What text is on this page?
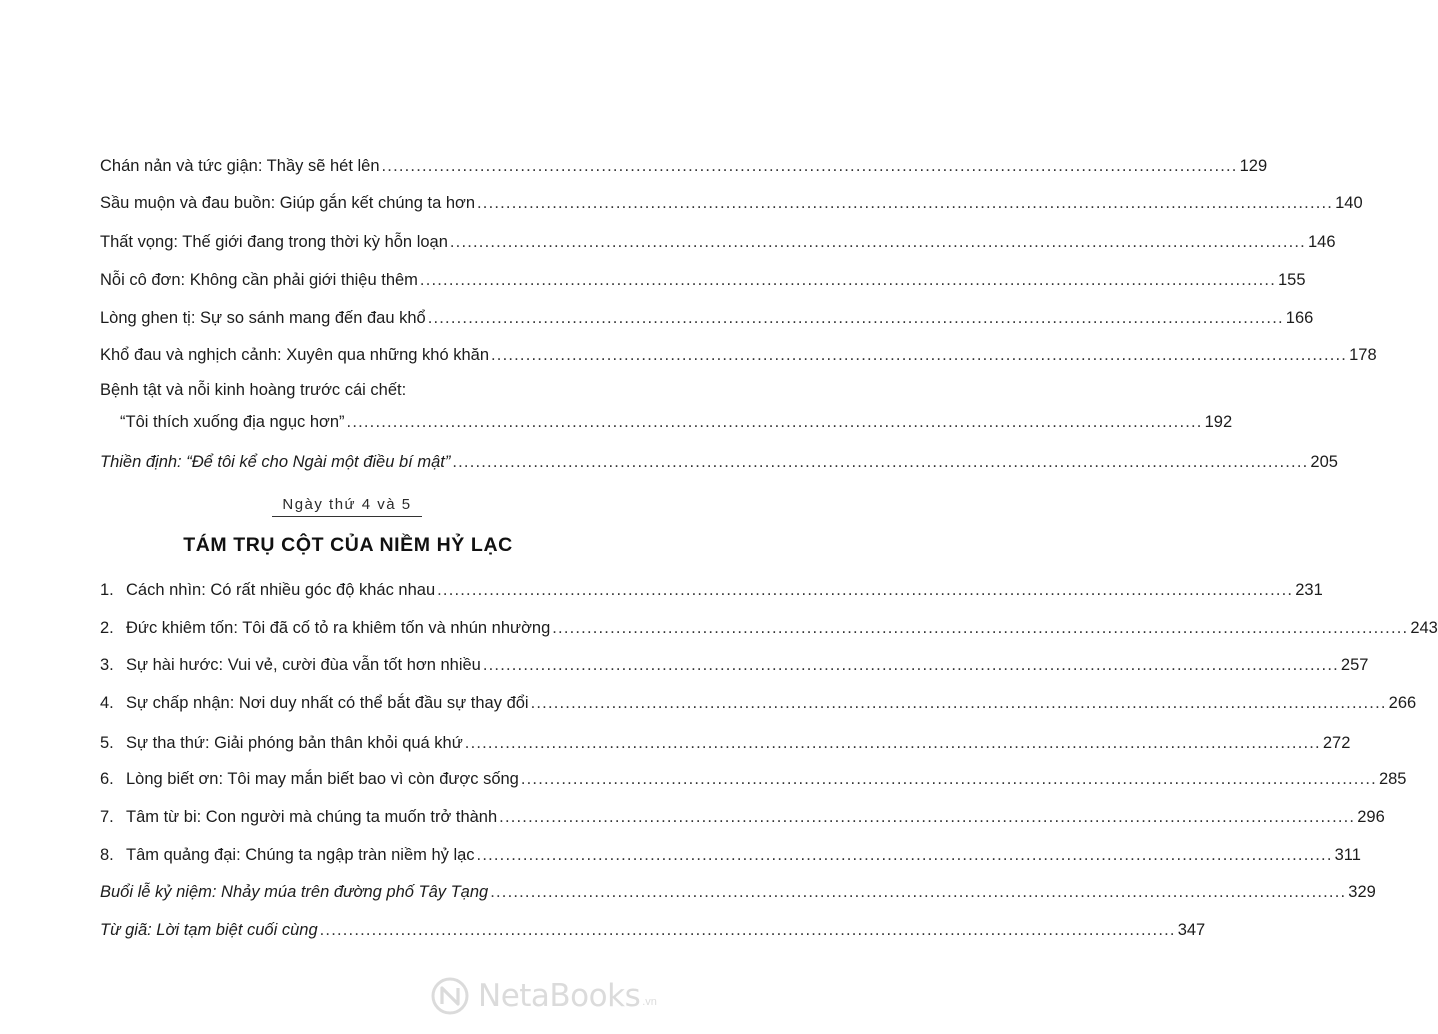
Chán nản và tức giận: Thầy sẽ hét lên .....	129
Sầu muộn và đau buồn: Giúp gắn kết chúng ta hơn .....	140
Thất vọng: Thế giới đang trong thời kỳ hỗn loạn .....	146
Nỗi cô đơn: Không cần phải giới thiệu thêm .....	155
Lòng ghen tị: Sự so sánh mang đến đau khổ .....	166
Khổ đau và nghịch cảnh: Xuyên qua những khó khăn .....	178
Bệnh tật và nỗi kinh hoàng trước cái chết:
“Tôi thích xuống địa ngục hơn” .....	192
Thiền định: “Để tôi kể cho Ngài một điều bí mật” .....	205
Ngày thứ 4 và 5
TÁM TRỤ CỘT CỦA NIỀM HỶ LẠC
1. Cách nhìn: Có rất nhiều góc độ khác nhau .....	231
2. Đức khiêm tốn: Tôi đã cố tỏ ra khiêm tốn và nhún nhường .....	243
3. Sự hài hước: Vui vẻ, cười đùa vẫn tốt hơn nhiều .....	257
4. Sự chấp nhận: Nơi duy nhất có thể bắt đầu sự thay đổi .....	266
5. Sự tha thứ: Giải phóng bản thân khỏi quá khứ .....	272
6. Lòng biết ơn: Tôi may mắn biết bao vì còn được sống .....	285
7. Tâm từ bi: Con người mà chúng ta muốn trở thành .....	296
8. Tâm quảng đại: Chúng ta ngập tràn niềm hỷ lạc .....	311
Buổi lễ kỷ niệm: Nhảy múa trên đường phố Tây Tạng .....	329
Từ giã: Lời tạm biệt cuối cùng .....	347
NetaBooks .vn
